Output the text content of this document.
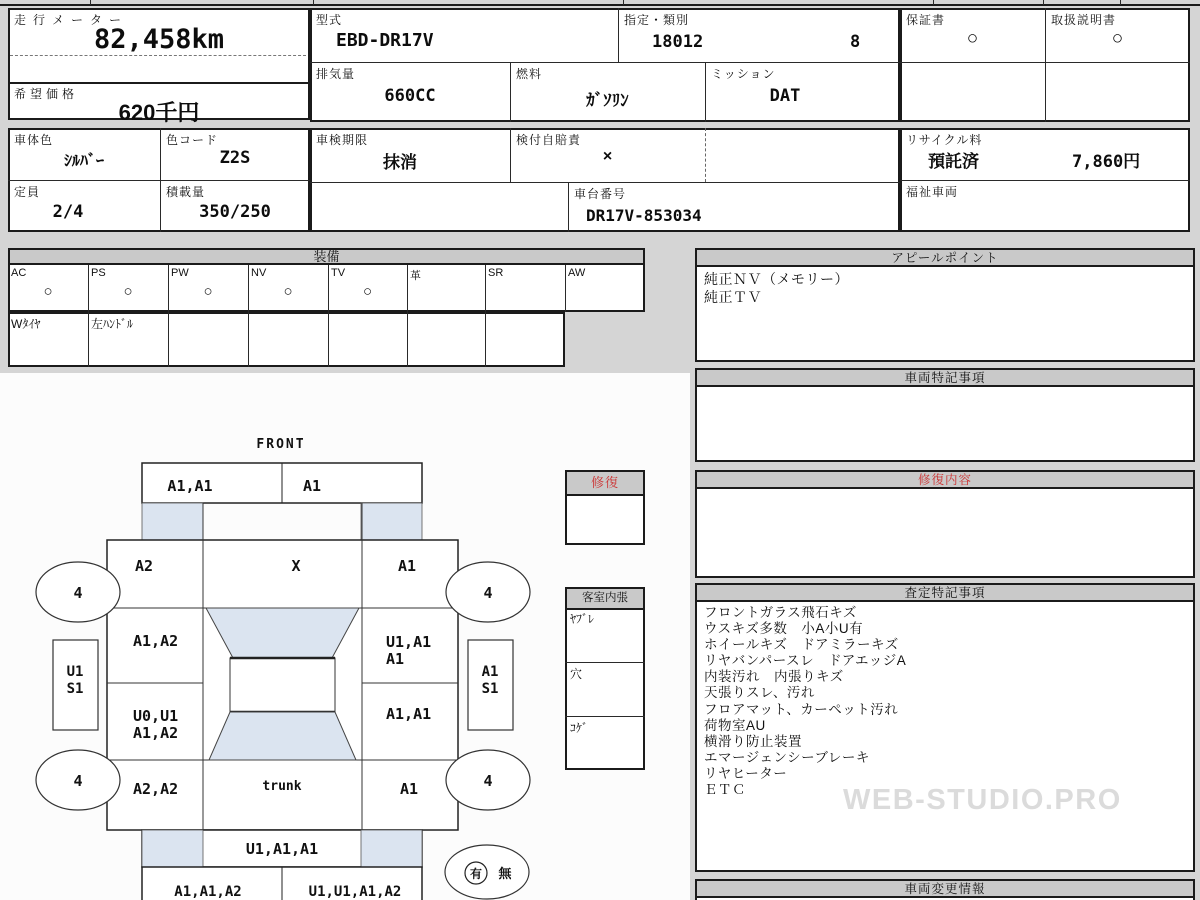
走行メーター
82,458km
希望価格
620千円
型式
EBD-DR17V
指定・類別
18012	8
排気量
660CC
燃料
ｶﾞｿﾘﾝ
ミッション
DAT
保証書
○
取扱説明書
○
車体色
ｼﾙﾊﾞｰ
色コード
Z2S
定員
2/4
積載量
350/250
車検期限
抹消
検付自賠責
×
車台番号
DR17V-853034
リサイクル料
預託済	7,860円
福祉車両
装備
AC	PS	PW	NV	TV	革	SR	AW
○	○	○	○	○
Wﾀｲﾔ	左ﾊﾝﾄﾞﾙ
アピールポイント
純正ＮＶ（メモリー）
純正ＴＶ
車両特記事項
修復内容
査定特記事項
フロントガラス飛石キズ
ウスキズ多数　小A小U有
ホイールキズ　ドアミラーキズ
リヤバンパースレ　ドアエッジA
内装汚れ　内張りキズ
天張りスレ、汚れ
フロアマット、カーペット汚れ
荷物室AU
横滑り防止装置
エマージェンシーブレーキ
リヤヒーター
ＥＴＣ
車両変更情報
修復
客室内張
ﾔﾌﾞﾚ
穴
ｺｹﾞ
FRONT
A1,A1	A1
4	4
4	4
U1
S1
A1
S1
A2	X	A1
A1,A2	U1,A1
A1
U0,U1
A1,A2
A1,A1
A2,A2	trunk	A1
U1,A1,A1
A1,A1,A2	U1,U1,A1,A2
有 無
WEB-STUDIO.PRO
